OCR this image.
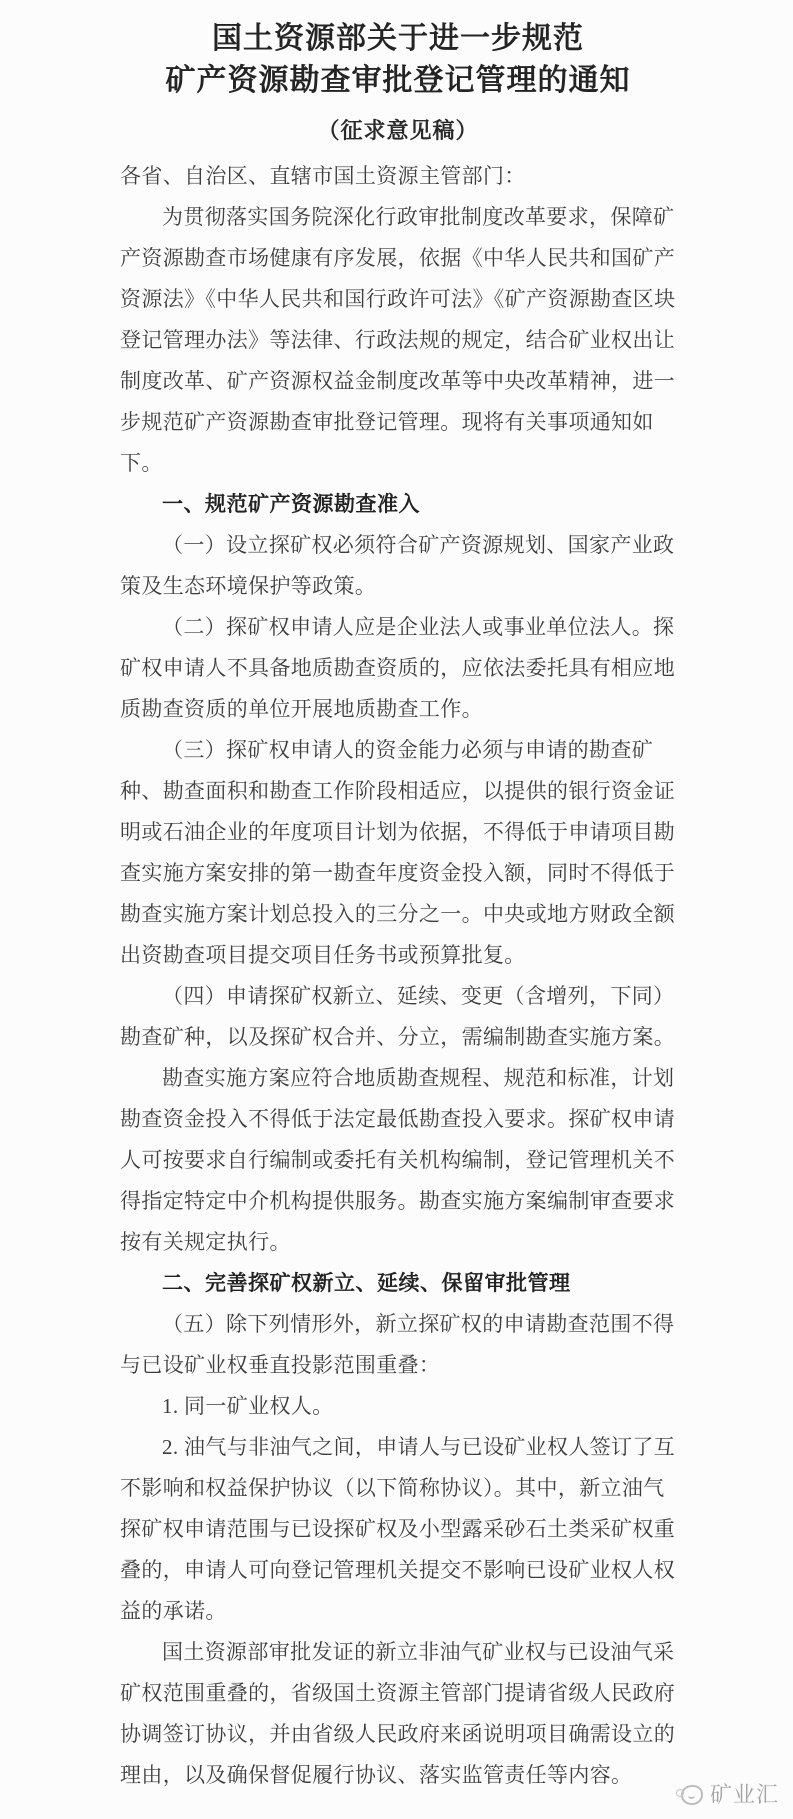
国土资源部关于进一步规范
矿产资源勘查审批登记管理的通知
（征求意见稿）

各省、自治区、直辖市国土资源主管部门：

为贯彻落实国务院深化行政审批制度改革要求，保障矿产资源勘查市场健康有序发展，依据《中华人民共和国矿产资源法》《中华人民共和国行政许可法》《矿产资源勘查区块登记管理办法》等法律、行政法规的规定，结合矿业权出让制度改革、矿产资源权益金制度改革等中央改革精神，进一步规范矿产资源勘查审批登记管理。现将有关事项通知如下。

一、规范矿产资源勘查准入

（一）设立探矿权必须符合矿产资源规划、国家产业政策及生态环境保护等政策。

（二）探矿权申请人应是企业法人或事业单位法人。探矿权申请人不具备地质勘查资质的，应依法委托具有相应地质勘查资质的单位开展地质勘查工作。

（三）探矿权申请人的资金能力必须与申请的勘查矿种、勘查面积和勘查工作阶段相适应，以提供的银行资金证明或石油企业的年度项目计划为依据，不得低于申请项目勘查实施方案安排的第一勘查年度资金投入额，同时不得低于勘查实施方案计划总投入的三分之一。中央或地方财政全额出资勘查项目提交项目任务书或预算批复。

（四）申请探矿权新立、延续、变更（含增列，下同）勘查矿种，以及探矿权合并、分立，需编制勘查实施方案。

勘查实施方案应符合地质勘查规程、规范和标准，计划勘查资金投入不得低于法定最低勘查投入要求。探矿权申请人可按要求自行编制或委托有关机构编制，登记管理机关不得指定特定中介机构提供服务。勘查实施方案编制审查要求按有关规定执行。

二、完善探矿权新立、延续、保留审批管理

（五）除下列情形外，新立探矿权的申请勘查范围不得与已设矿业权垂直投影范围重叠：

1. 同一矿业权人。

2. 油气与非油气之间，申请人与已设矿业权人签订了互不影响和权益保护协议（以下简称协议）。其中，新立油气探矿权申请范围与已设探矿权及小型露采砂石土类采矿权重叠的，申请人可向登记管理机关提交不影响已设矿业权人权益的承诺。

国土资源部审批发证的新立非油气矿业权与已设油气采矿权范围重叠的，省级国土资源主管部门提请省级人民政府协调签订协议，并由省级人民政府来函说明项目确需设立的理由，以及确保督促履行协议、落实监管责任等内容。

矿业汇
